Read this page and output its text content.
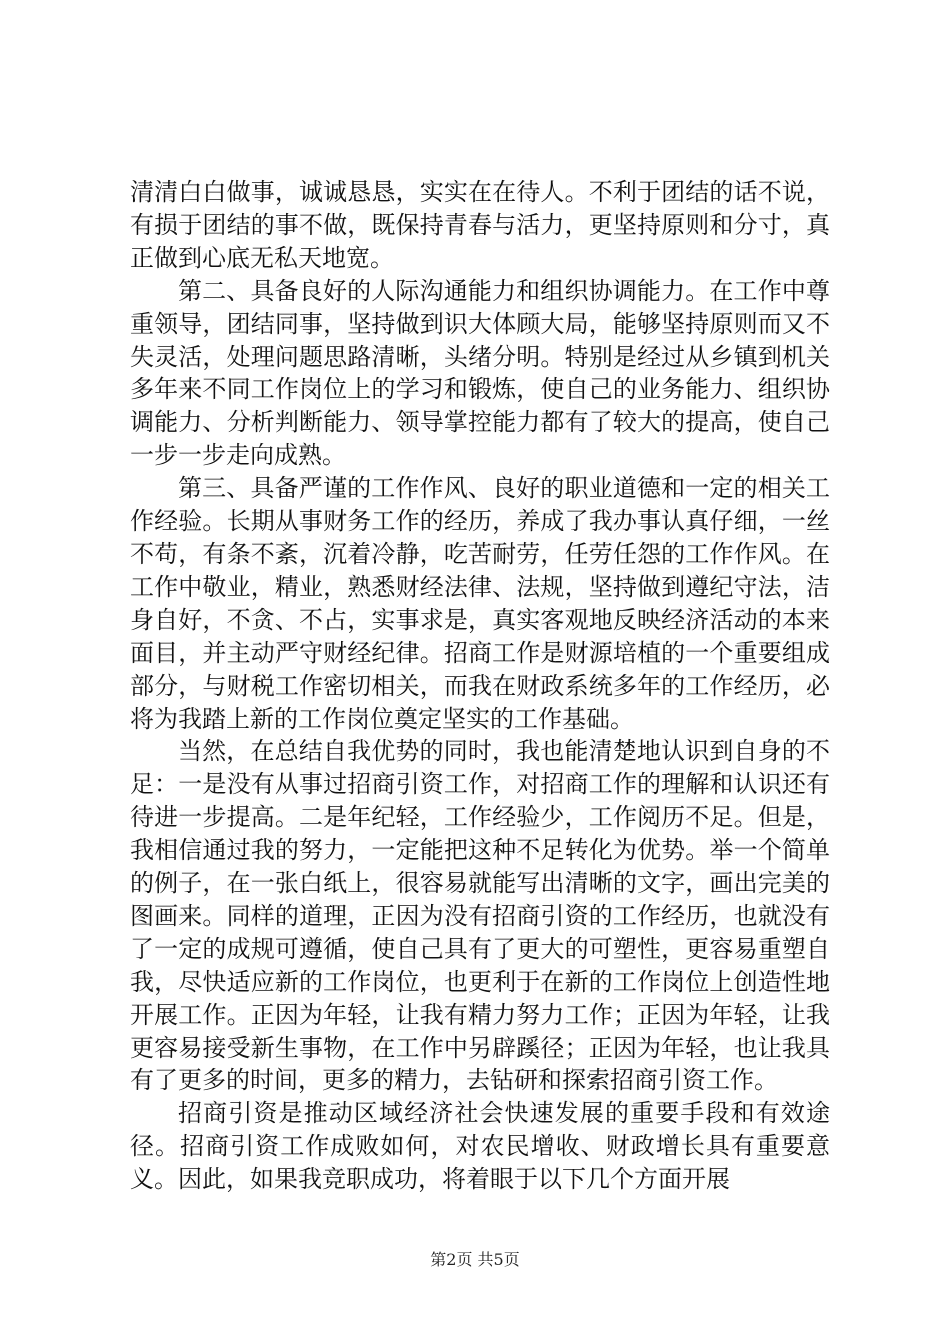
清清白白做事，诚诚恳恳，实实在在待人。不利于团结的话不说，有损于团结的事不做，既保持青春与活力，更坚持原则和分寸，真正做到心底无私天地宽。

第二、具备良好的人际沟通能力和组织协调能力。在工作中尊重领导，团结同事，坚持做到识大体顾大局，能够坚持原则而又不失灵活，处理问题思路清晰，头绪分明。特别是经过从乡镇到机关多年来不同工作岗位上的学习和锻炼，使自己的业务能力、组织协调能力、分析判断能力、领导掌控能力都有了较大的提高，使自己一步一步走向成熟。

第三、具备严谨的工作作风、良好的职业道德和一定的相关工作经验。长期从事财务工作的经历，养成了我办事认真仔细，一丝不苟，有条不紊，沉着冷静，吃苦耐劳，任劳任怨的工作作风。在工作中敬业，精业，熟悉财经法律、法规，坚持做到遵纪守法，洁身自好，不贪、不占，实事求是，真实客观地反映经济活动的本来面目，并主动严守财经纪律。招商工作是财源培植的一个重要组成部分，与财税工作密切相关，而我在财政系统多年的工作经历，必将为我踏上新的工作岗位奠定坚实的工作基础。

当然，在总结自我优势的同时，我也能清楚地认识到自身的不足：一是没有从事过招商引资工作，对招商工作的理解和认识还有待进一步提高。二是年纪轻，工作经验少，工作阅历不足。但是，我相信通过我的努力，一定能把这种不足转化为优势。举一个简单的例子，在一张白纸上，很容易就能写出清晰的文字，画出完美的图画来。同样的道理，正因为没有招商引资的工作经历，也就没有了一定的成规可遵循，使自己具有了更大的可塑性，更容易重塑自我，尽快适应新的工作岗位，也更利于在新的工作岗位上创造性地开展工作。正因为年轻，让我有精力努力工作；正因为年轻，让我更容易接受新生事物，在工作中另辟蹊径；正因为年轻，也让我具有了更多的时间，更多的精力，去钻研和探索招商引资工作。

招商引资是推动区域经济社会快速发展的重要手段和有效途径。招商引资工作成败如何，对农民增收、财政增长具有重要意义。因此，如果我竞职成功，将着眼于以下几个方面开展

第2页 共5页
